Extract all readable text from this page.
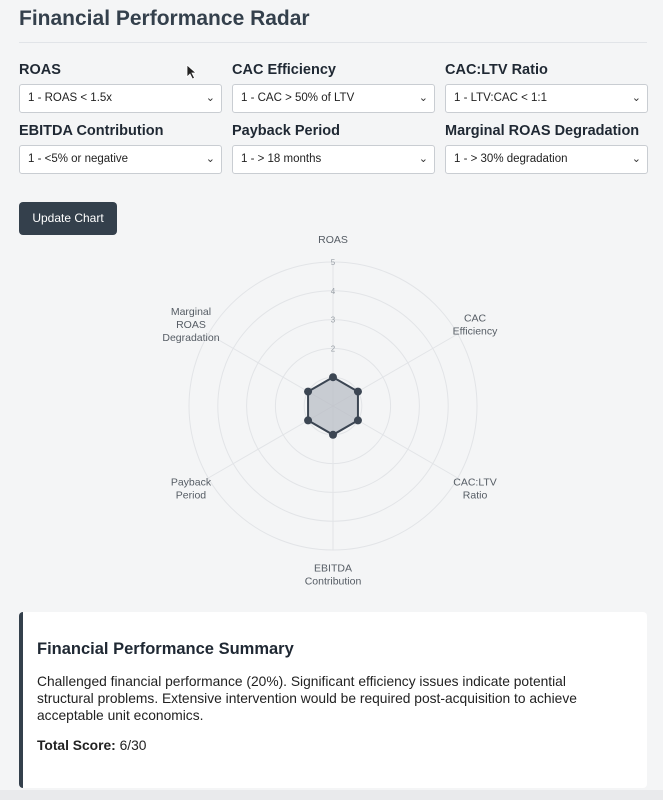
Financial Performance Radar
ROAS
1 - ROAS < 1.5x	⌄
CAC Efficiency
1 - CAC > 50% of LTV	⌄
CAC:LTV Ratio
1 - LTV:CAC < 1:1	⌄
EBITDA Contribution
1 - <5% or negative	⌄
Payback Period
1 - > 18 months	⌄
Marginal ROAS Degradation
1 - > 30% degradation	⌄
Update Chart
2
3
4
5
ROAS
CAC Efficiency
CAC:LTV Ratio
EBITDA Contribution
Payback Period
Marginal ROAS Degradation
Financial Performance Summary

Challenged financial performance (20%). Significant efficiency issues indicate potential structural problems. Extensive intervention would be required post-acquisition to achieve acceptable unit economics.

Total Score: 6/30
